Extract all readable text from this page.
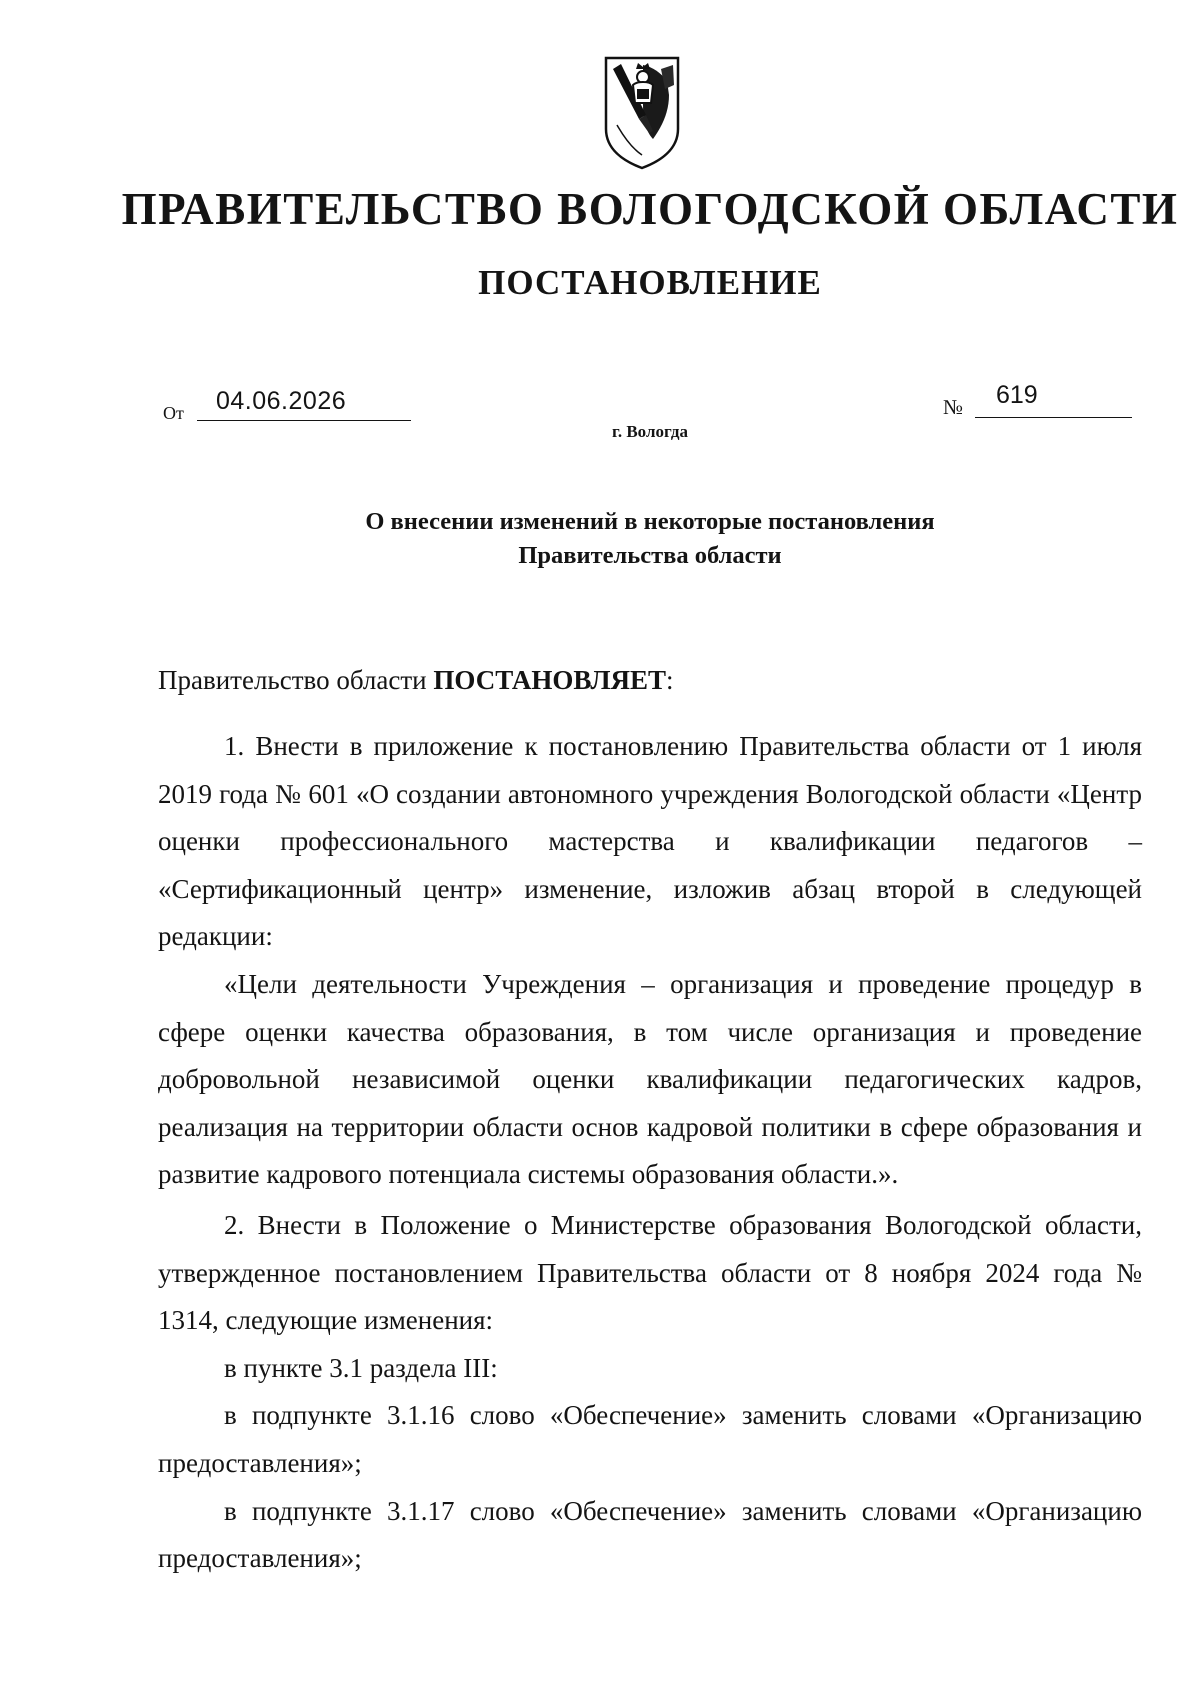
ПРАВИТЕЛЬСТВО ВОЛОГОДСКОЙ ОБЛАСТИ
ПОСТАНОВЛЕНИЕ
От 04.06.2026	№ 619
г. Вологда
О внесении изменений в некоторые постановления
Правительства области
Правительство области ПОСТАНОВЛЯЕТ:

1. Внести в приложение к постановлению Правительства области от 1 июля 2019 года № 601 «О создании автономного учреждения Вологодской области «Центр оценки профессионального мастерства и квалификации педагогов – «Сертификационный центр» изменение, изложив абзац второй в следующей редакции:

«Цели деятельности Учреждения – организация и проведение процедур в сфере оценки качества образования, в том числе организация и проведение добровольной независимой оценки квалификации педагогических кадров, реализация на территории области основ кадровой политики в сфере образования и развитие кадрового потенциала системы образования области.».

2. Внести в Положение о Министерстве образования Вологодской области, утвержденное постановлением Правительства области от 8 ноября 2024 года № 1314, следующие изменения:

в пункте 3.1 раздела III:

в подпункте 3.1.16 слово «Обеспечение» заменить словами «Организацию предоставления»;

в подпункте 3.1.17 слово «Обеспечение» заменить словами «Организацию предоставления»;
